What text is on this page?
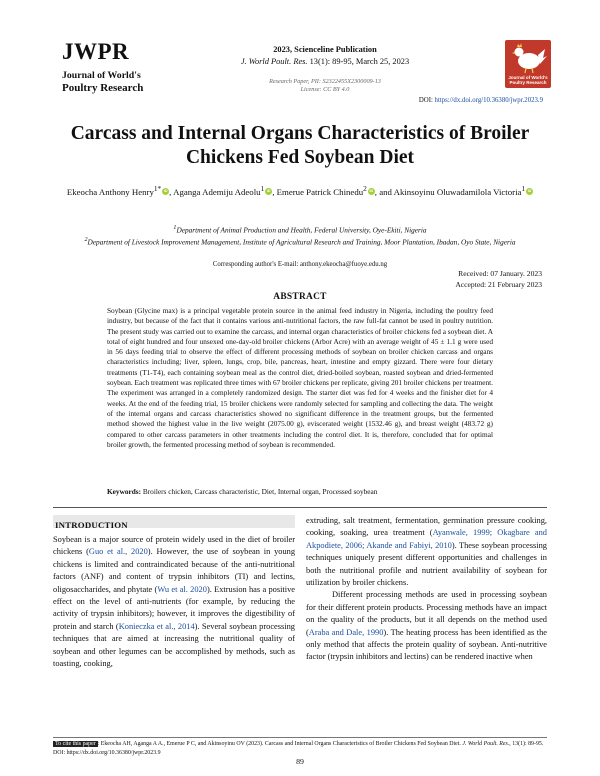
JWPR
Journal of World's
Poultry Research
2023, Scienceline Publication
J. World Poult. Res. 13(1): 89-95, March 25, 2023
Research Paper, PII: S2322455X2300009-13
License: CC BY 4.0
Journal of World's
Poultry Research
DOI: https://dx.doi.org/10.36380/jwpr.2023.9
Carcass and Internal Organs Characteristics of Broiler Chickens Fed Soybean Diet
Ekeocha Anthony Henry$^{1*}$ iD , Aganga Ademiju Adeolu$^1$ iD , Emerue Patrick Chinedu$^2$ iD , and Akinsoyinu Oluwadamilola Victoria$^1$iD
$^1$Department of Animal Production and Health, Federal University, Oye-Ekiti, Nigeria
$^2$Department of Livestock Improvement Management, Institute of Agricultural Research and Training, Moor Plantation, Ibadan, Oyo State, Nigeria
Corresponding author's E-mail: anthony.ekeocha@fuoye.edu.ng
Received: 07 January. 2023
Accepted: 21 February 2023
ABSTRACT
Soybean (Glycine max) is a principal vegetable protein source in the animal feed industry in Nigeria, including the poultry feed industry, but because of the fact that it contains various anti-nutritional factors, the raw full-fat cannot be used in poultry nutrition. The present study was carried out to examine the carcass, and internal organ characteristics of broiler chickens fed a soybean diet. A total of eight hundred and four unsexed one-day-old broiler chickens (Arbor Acre) with an average weight of 45 ± 1.1 g were used in 56 days feeding trial to observe the effect of different processing methods of soybean on broiler chicken carcass and organs characteristics including; liver, spleen, lungs, crop, bile, pancreas, heart, intestine and empty gizzard. There were four dietary treatments (T1-T4), each containing soybean meal as the control diet, dried-boiled soybean, roasted soybean and dried-fermented soybean. Each treatment was replicated three times with 67 broiler chickens per replicate, giving 201 broiler chickens per treatment. The experiment was arranged in a completely randomized design. The starter diet was fed for 4 weeks and the finisher diet for 4 weeks. At the end of the feeding trial, 15 broiler chickens were randomly selected for sampling and collecting the data. The weight of the internal organs and carcass characteristics showed no significant difference in the treatment groups, but the fermented method showed the highest value in the live weight (2075.00 g), eviscerated weight (1532.46 g), and breast weight (483.72 g) compared to other carcass parameters in other treatments including the control diet. It is, therefore, concluded that for optimal broiler growth, the fermented processing method of soybean is recommended.
Keywords: Broilers chicken, Carcass characteristic, Diet, Internal organ, Processed soybean
INTRODUCTION

Soybean is a major source of protein widely used in the diet of broiler chickens (Guo et al., 2020). However, the use of soybean in young chickens is limited and contraindicated because of the anti-nutritional factors (ANF) and content of trypsin inhibitors (TI) and lectins, oligosaccharides, and phytate (Wu et al. 2020). Extrusion has a positive effect on the level of anti-nutrients (for example, by reducing the activity of trypsin inhibitors); however, it improves the digestibility of protein and starch (Konieczka et al., 2014). Several soybean processing techniques that are aimed at increasing the nutritional quality of soybean and other legumes can be accomplished by methods, such as toasting, cooking,

extruding, salt treatment, fermentation, germination pressure cooking, cooking, soaking, urea treatment (Ayanwale, 1999; Okagbare and Akpodiete, 2006; Akande and Fabiyi, 2010). These soybean processing techniques uniquely present different opportunities and challenges in both the nutritional profile and nutrient availability of soybean for utilization by broiler chickens.

Different processing methods are used in processing soybean for their different protein products. Processing methods have an impact on the quality of the products, but it all depends on the method used (Araba and Dale, 1990). The heating process has been identified as the only method that affects the protein quality of soybean. Anti-nutritive factor (trypsin inhibitors and lectins) can be rendered inactive when

To cite this paper : Ekeocha AH, Aganga A A., Emerue P C, and Akinsoyinu OV (2023). Carcass and Internal Organs Characteristics of Broiler Chickens Fed Soybean Diet. J. World Poult. Res., 13(1): 89-95. DOI: https://dx.doi.org/10.36380/jwpr.2023.9
89
